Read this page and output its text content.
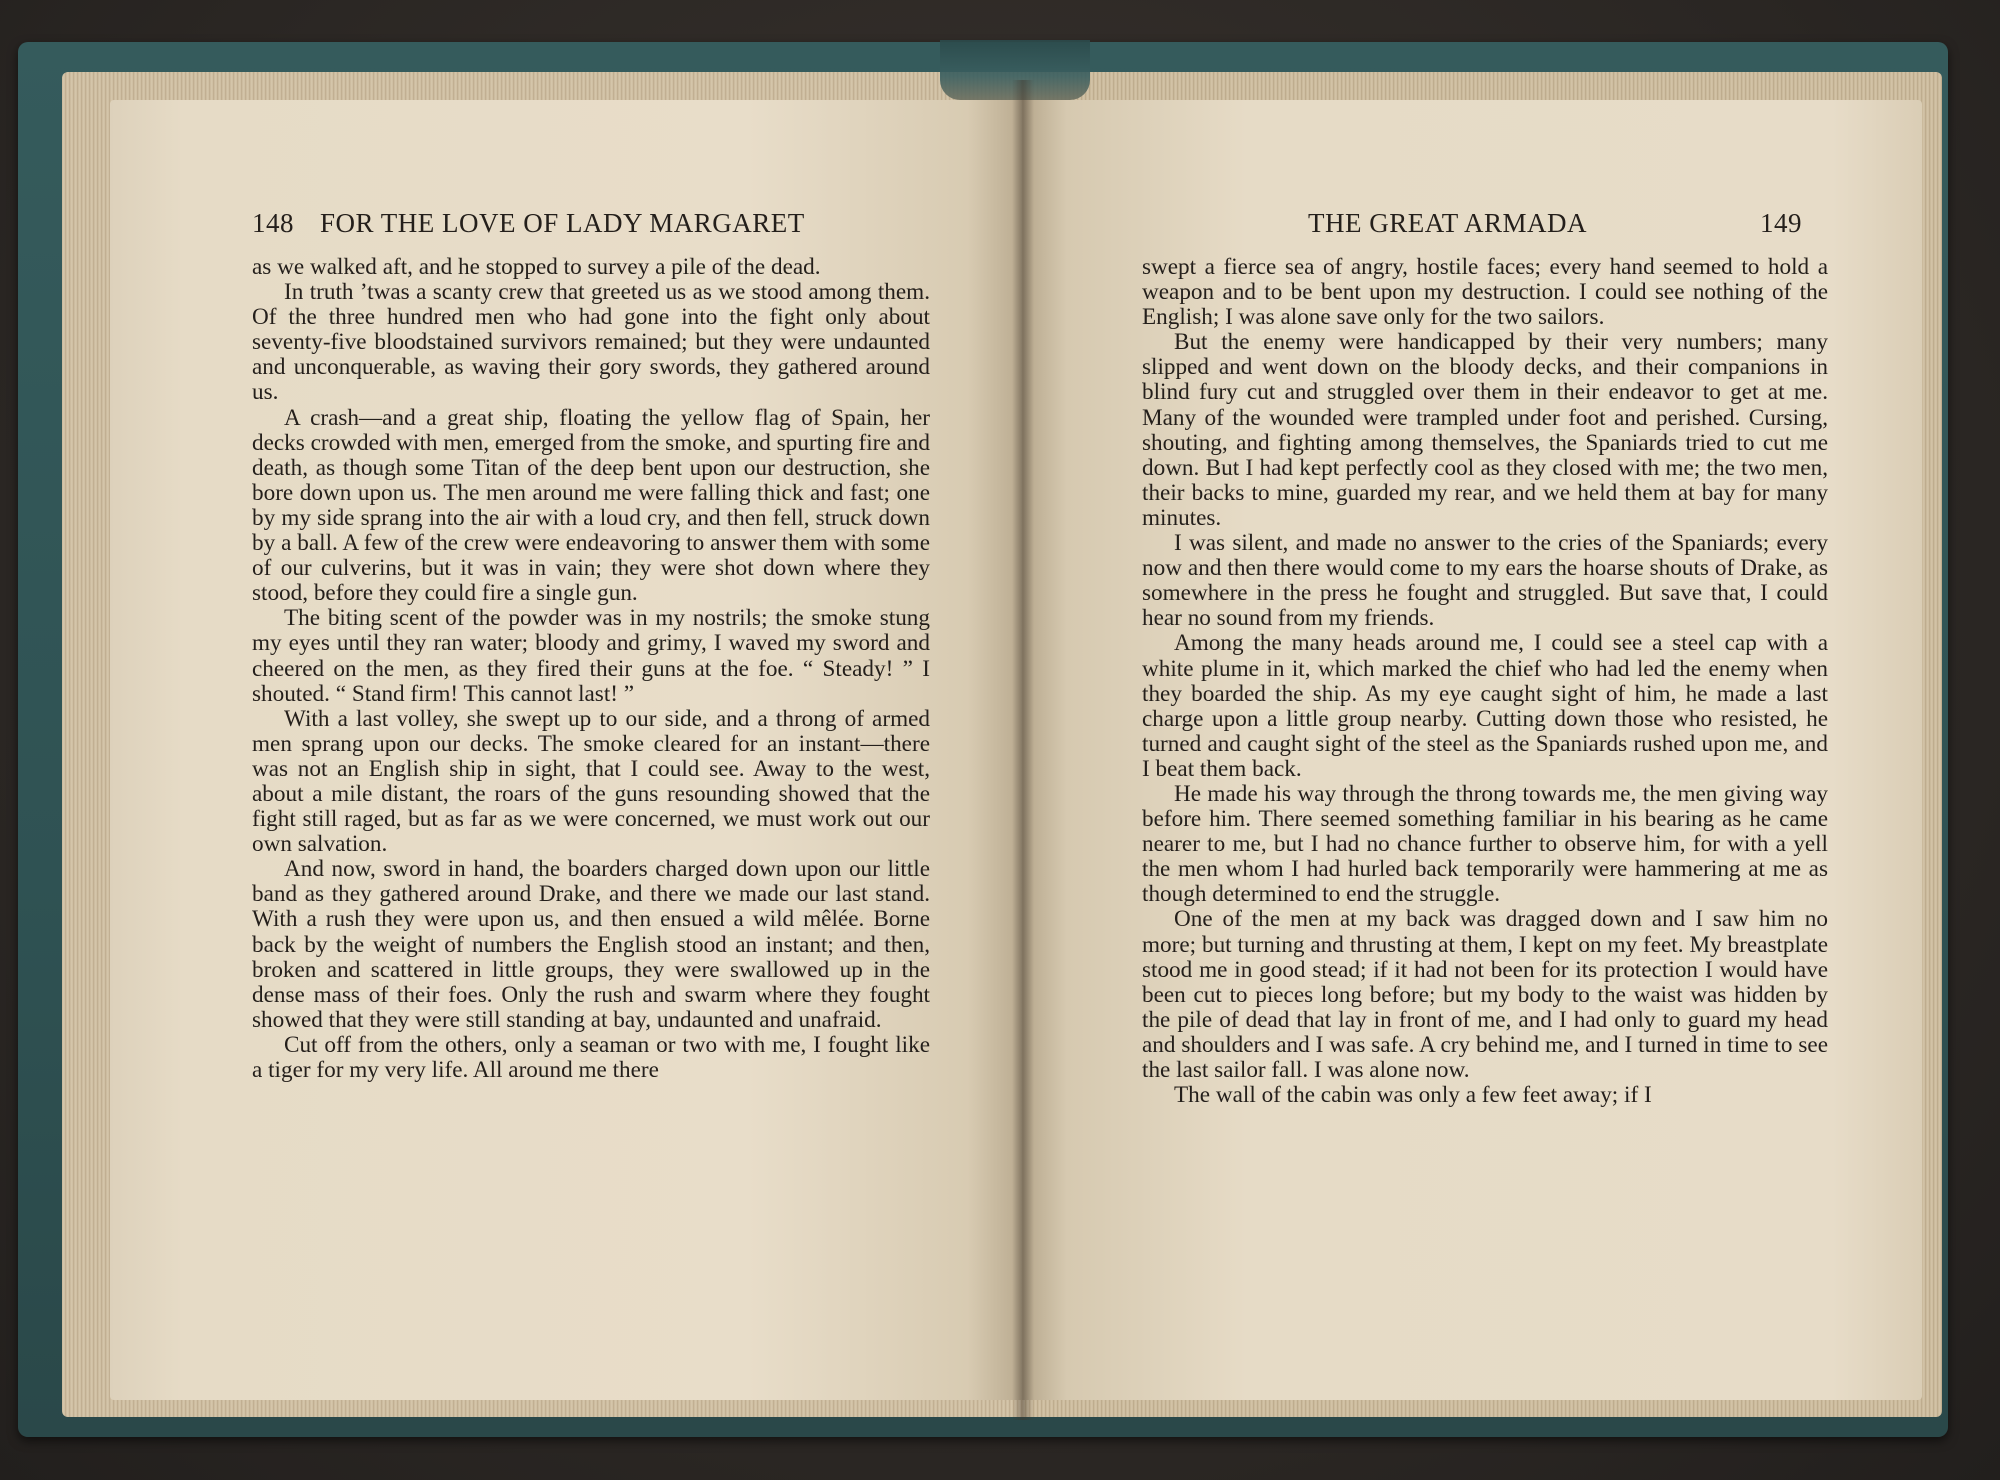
148 FOR THE LOVE OF LADY MARGARET

as we walked aft, and he stopped to survey a pile of the dead.

In truth ’twas a scanty crew that greeted us as we stood among them. Of the three hundred men who had gone into the fight only about seventy-five bloodstained survivors remained; but they were undaunted and unconquerable, as waving their gory swords, they gathered around us.

A crash—and a great ship, floating the yellow flag of Spain, her decks crowded with men, emerged from the smoke, and spurting fire and death, as though some Titan of the deep bent upon our destruction, she bore down upon us. The men around me were falling thick and fast; one by my side sprang into the air with a loud cry, and then fell, struck down by a ball. A few of the crew were endeavoring to answer them with some of our culverins, but it was in vain; they were shot down where they stood, before they could fire a single gun.

The biting scent of the powder was in my nostrils; the smoke stung my eyes until they ran water; bloody and grimy, I waved my sword and cheered on the men, as they fired their guns at the foe. “ Steady! ” I shouted. “ Stand firm! This cannot last! ”

With a last volley, she swept up to our side, and a throng of armed men sprang upon our decks. The smoke cleared for an instant—there was not an English ship in sight, that I could see. Away to the west, about a mile distant, the roars of the guns resounding showed that the fight still raged, but as far as we were concerned, we must work out our own salvation.

And now, sword in hand, the boarders charged down upon our little band as they gathered around Drake, and there we made our last stand. With a rush they were upon us, and then ensued a wild mêlée. Borne back by the weight of numbers the English stood an instant; and then, broken and scattered in little groups, they were swallowed up in the dense mass of their foes. Only the rush and swarm where they fought showed that they were still standing at bay, undaunted and unafraid.

Cut off from the others, only a seaman or two with me, I fought like a tiger for my very life. All around me there

THE GREAT ARMADA	149

swept a fierce sea of angry, hostile faces; every hand seemed to hold a weapon and to be bent upon my destruction. I could see nothing of the English; I was alone save only for the two sailors.

But the enemy were handicapped by their very numbers; many slipped and went down on the bloody decks, and their companions in blind fury cut and struggled over them in their endeavor to get at me. Many of the wounded were trampled under foot and perished. Cursing, shouting, and fighting among themselves, the Spaniards tried to cut me down. But I had kept perfectly cool as they closed with me; the two men, their backs to mine, guarded my rear, and we held them at bay for many minutes.

I was silent, and made no answer to the cries of the Spaniards; every now and then there would come to my ears the hoarse shouts of Drake, as somewhere in the press he fought and struggled. But save that, I could hear no sound from my friends.

Among the many heads around me, I could see a steel cap with a white plume in it, which marked the chief who had led the enemy when they boarded the ship. As my eye caught sight of him, he made a last charge upon a little group nearby. Cutting down those who resisted, he turned and caught sight of the steel as the Spaniards rushed upon me, and I beat them back.

He made his way through the throng towards me, the men giving way before him. There seemed something familiar in his bearing as he came nearer to me, but I had no chance further to observe him, for with a yell the men whom I had hurled back temporarily were hammering at me as though determined to end the struggle.

One of the men at my back was dragged down and I saw him no more; but turning and thrusting at them, I kept on my feet. My breastplate stood me in good stead; if it had not been for its protection I would have been cut to pieces long before; but my body to the waist was hidden by the pile of dead that lay in front of me, and I had only to guard my head and shoulders and I was safe. A cry behind me, and I turned in time to see the last sailor fall. I was alone now.

The wall of the cabin was only a few feet away; if I
